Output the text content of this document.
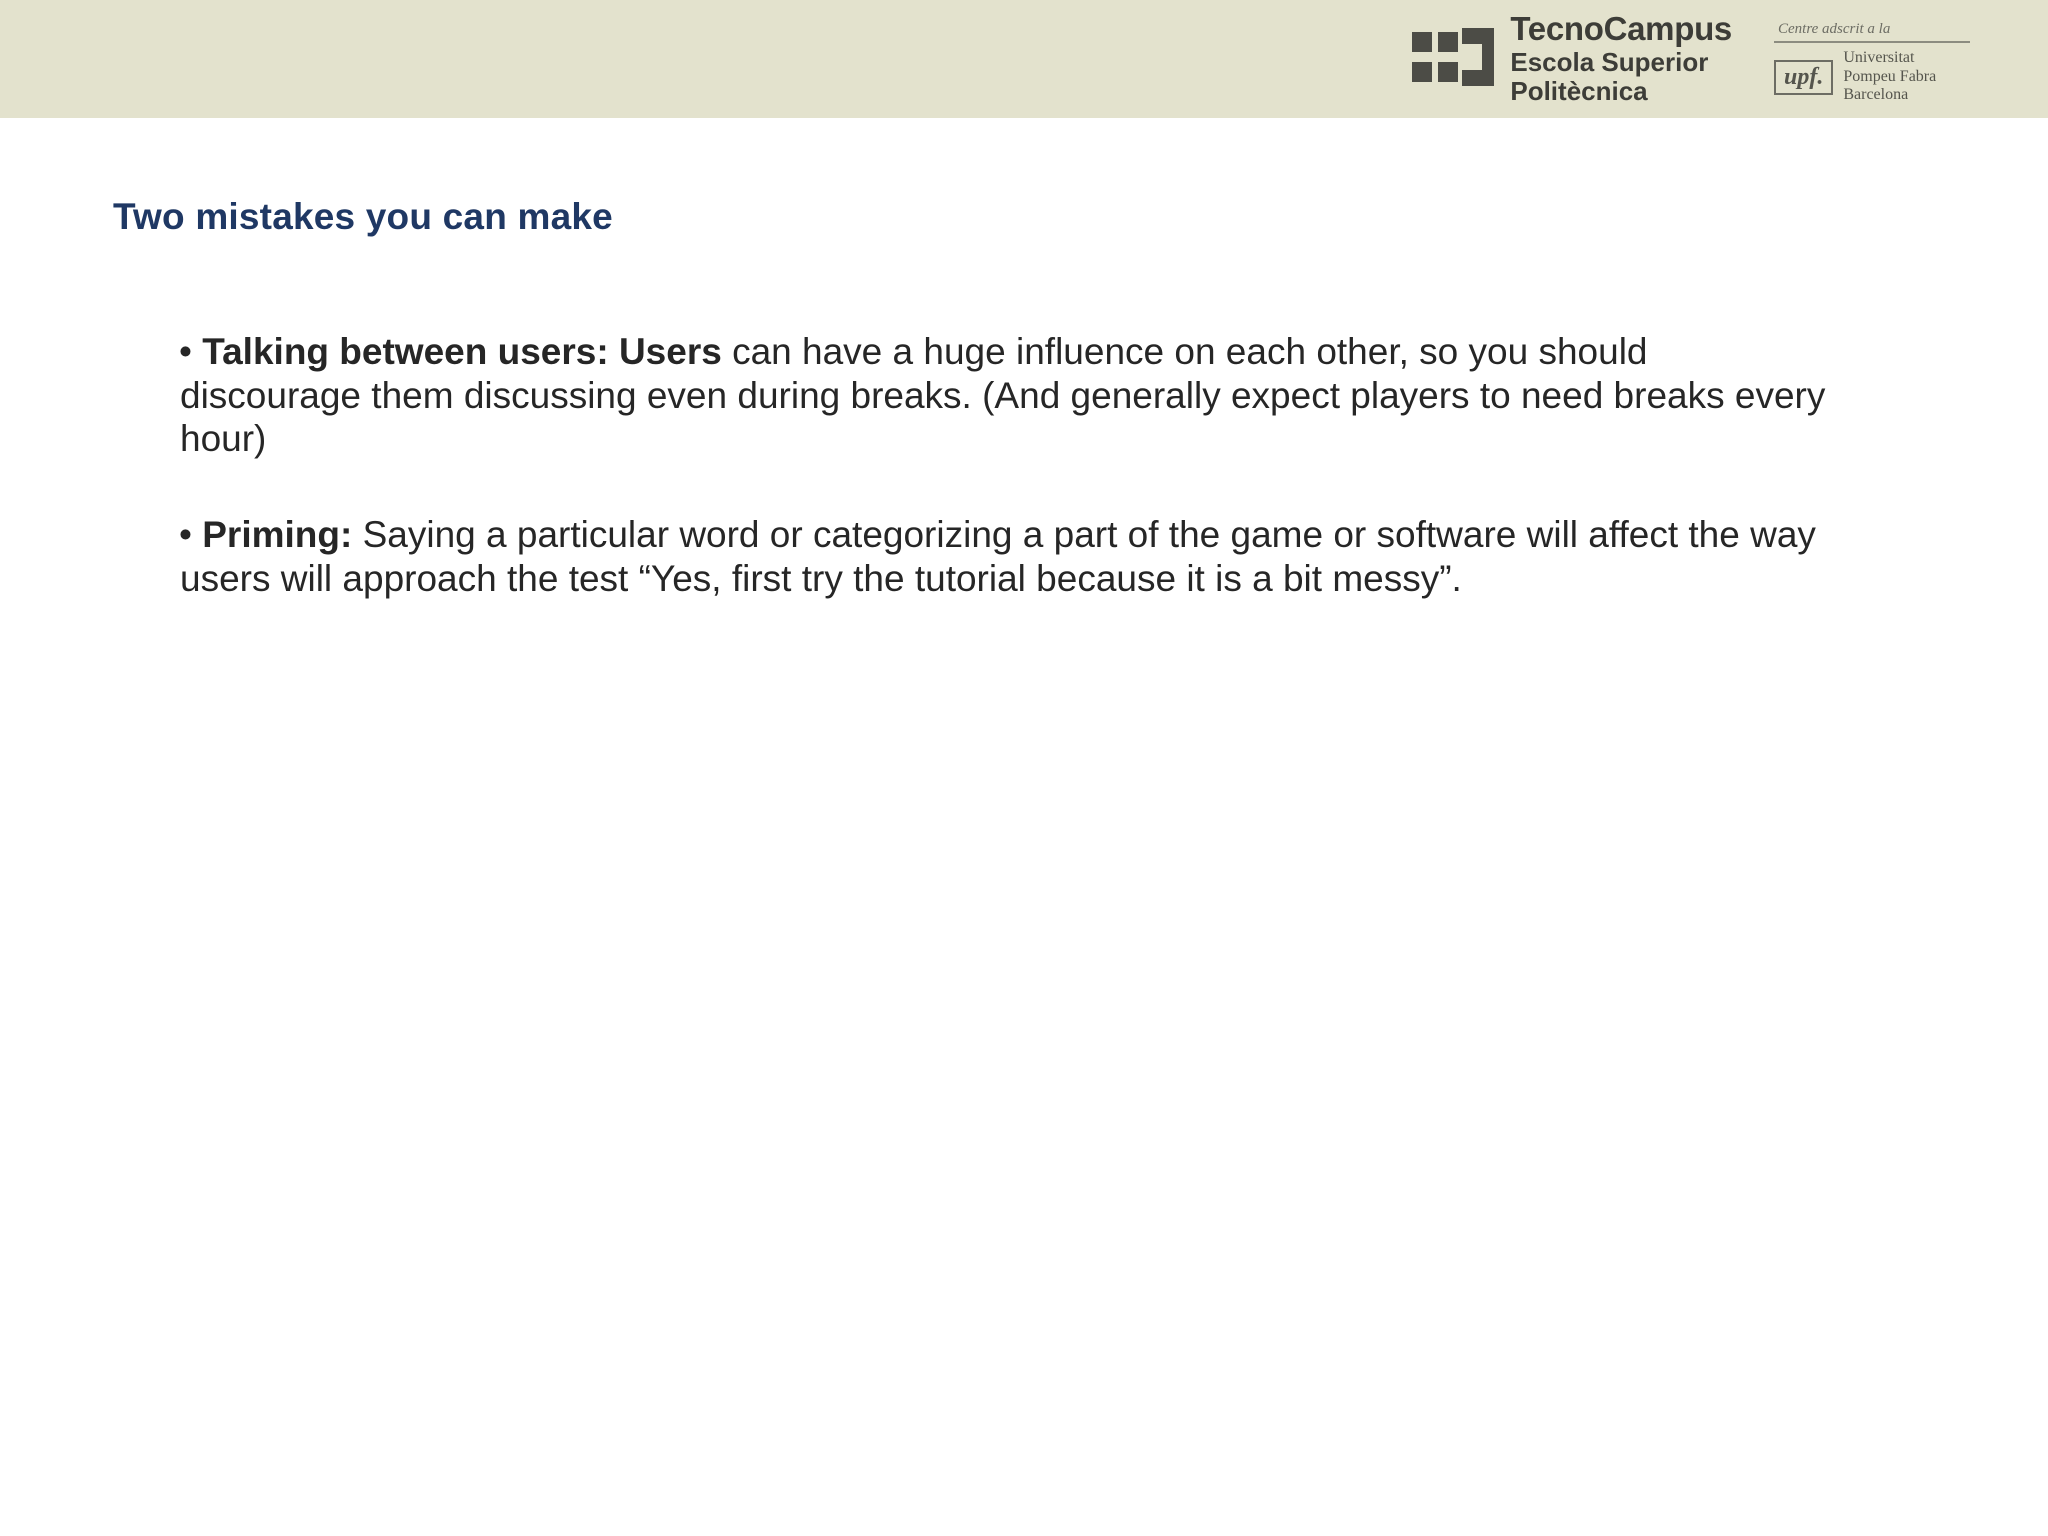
TecnoCampus
Escola Superior
Politècnica
Centre adscrit a la
upf.
Universitat
Pompeu Fabra
Barcelona
Two mistakes you can make

• Talking between users: Users can have a huge influence on each other, so you should discourage them discussing even during breaks. (And generally expect players to need breaks every hour)

• Priming: Saying a particular word or categorizing a part of the game or software will affect the way users will approach the test “Yes, first try the tutorial because it is a bit messy”.
